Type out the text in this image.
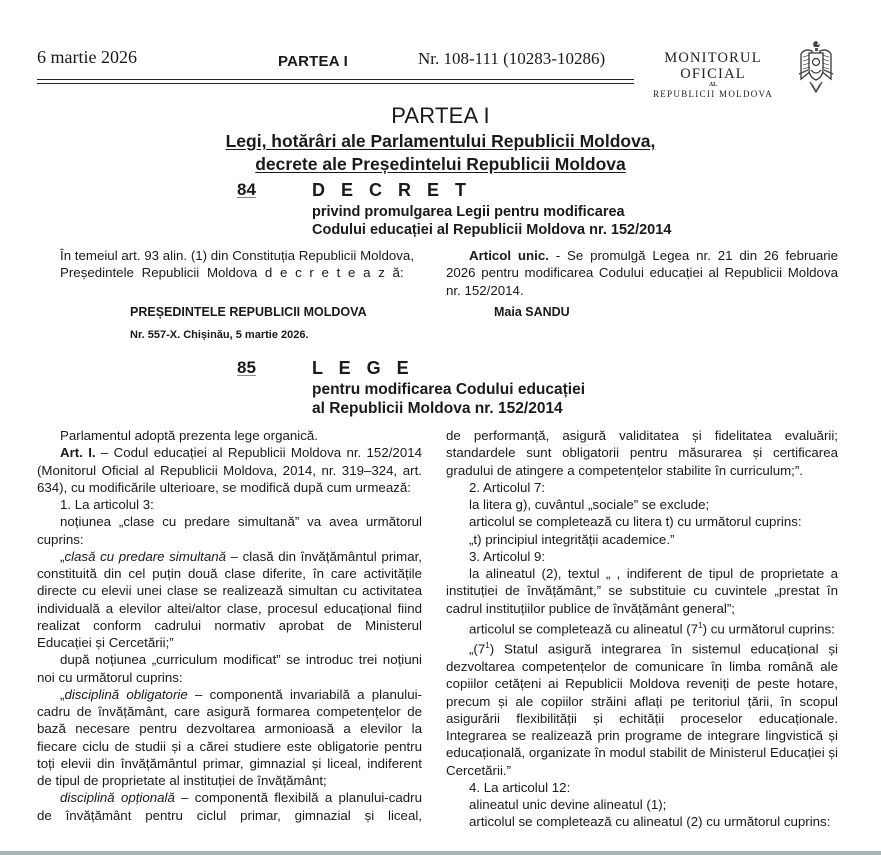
6 martie 2026	PARTEA I	Nr. 108-111 (10283-10286)	MONITORUL OFICIAL
AL
REPUBLICII MOLDOVA
PARTEA I
Legi, hotărâri ale Parlamentului Republicii Moldova,
decrete ale Președintelui Republicii Moldova
84	D E C R E T
privind promulgarea Legii pentru modificarea
Codului educației al Republicii Moldova nr. 152/2014

În temeiul art. 93 alin. (1) din Constituția Republicii Moldova,

Președintele Republicii Moldova d e c r e t e a z ă:

PREȘEDINTELE REPUBLICII MOLDOVA
Nr. 557-X. Chișinău, 5 martie 2026.

Articol unic. - Se promulgă Legea nr. 21 din 26 februarie 2026 pentru modificarea Codului educației al Republicii Moldova nr. 152/2014.

Maia SANDU
85	L E G E
pentru modificarea Codului educației
al Republicii Moldova nr. 152/2014

Parlamentul adoptă prezenta lege organică.

Art. I. – Codul educației al Republicii Moldova nr. 152/2014 (Monitorul Oficial al Republicii Moldova, 2014, nr. 319–324, art. 634), cu modificările ulterioare, se modifică după cum urmează:

1. La articolul 3:

noțiunea „clase cu predare simultană” va avea următorul cuprins:

„clasă cu predare simultană – clasă din învățământul primar, constituită din cel puțin două clase diferite, în care activitățile directe cu elevii unei clase se realizează simultan cu activitatea individuală a elevilor altei/altor clase, procesul educațional fiind realizat conform cadrului normativ aprobat de Ministerul Educației și Cercetării;”

după noțiunea „curriculum modificat” se introduc trei noțiuni noi cu următorul cuprins:

„disciplină obligatorie – componentă invariabilă a planului-cadru de învățământ, care asigură formarea competențelor de bază necesare pentru dezvoltarea armonioasă a elevilor la fiecare ciclu de studii și a cărei studiere este obligatorie pentru toți elevii din învățământul primar, gimnazial și liceal, indiferent de tipul de proprietate al instituției de învățământ;

disciplină opțională – componentă flexibilă a planului-cadru de învățământ pentru ciclul primar, gimnazial și liceal,

de performanță, asigură validitatea și fidelitatea evaluării; standardele sunt obligatorii pentru măsurarea și certificarea gradului de atingere a competențelor stabilite în curriculum;”.

2. Articolul 7:

la litera g), cuvântul „sociale” se exclude;

articolul se completează cu litera t) cu următorul cuprins:

„t) principiul integrității academice.”

3. Articolul 9:

la alineatul (2), textul „ , indiferent de tipul de proprietate a instituției de învățământ,” se substituie cu cuvintele „prestat în cadrul instituțiilor publice de învățământ general”;

articolul se completează cu alineatul $(7^1)$ cu următorul cuprins:

$„(7^1)$ Statul asigură integrarea în sistemul educațional și dezvoltarea competențelor de comunicare în limba română ale copiilor cetățeni ai Republicii Moldova reveniți de peste hotare, precum și ale copiilor străini aflați pe teritoriul țării, în scopul asigurării flexibilității și echității proceselor educaționale. Integrarea se realizează prin programe de integrare lingvistică și educațională, organizate în modul stabilit de Ministerul Educației și Cercetării.”

4. La articolul 12:

alineatul unic devine alineatul (1);

articolul se completează cu alineatul (2) cu următorul cuprins:
